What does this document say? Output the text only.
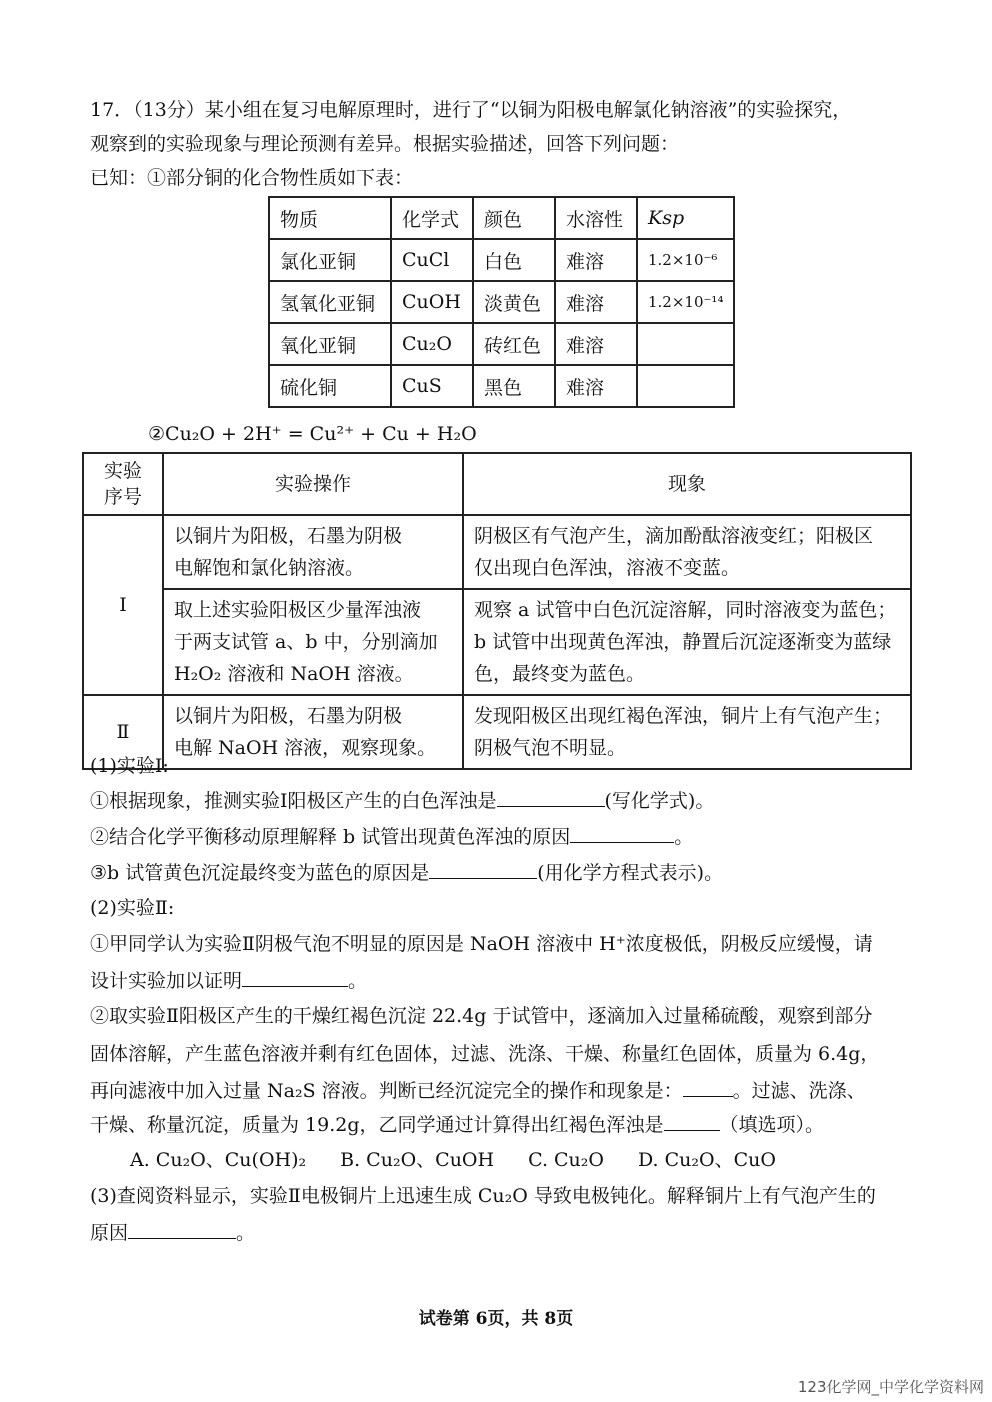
17．（13分）某小组在复习电解原理时，进行了“以铜为阳极电解氯化钠溶液”的实验探究，
观察到的实验现象与理论预测有差异。根据实验描述，回答下列问题：
已知：①部分铜的化合物性质如下表：
物质	化学式	颜色	水溶性	Ksp
氯化亚铜	CuCl	白色	难溶	1.2×10⁻⁶
氢氧化亚铜	CuOH	淡黄色	难溶	1.2×10⁻¹⁴
氧化亚铜	Cu₂O	砖红色	难溶	
硫化铜	CuS	黑色	难溶	
②Cu₂O + 2H⁺ = Cu²⁺ + Cu + H₂O
实验
序号	实验操作	现象
Ⅰ	以铜片为阳极，石墨为阴极
电解饱和氯化钠溶液。	阴极区有气泡产生，滴加酚酞溶液变红；阳极区
仅出现白色浑浊，溶液不变蓝。
	取上述实验阳极区少量浑浊液
于两支试管 a、b 中，分别滴加
H₂O₂ 溶液和 NaOH 溶液。	观察 a 试管中白色沉淀溶解，同时溶液变为蓝色；
b 试管中出现黄色浑浊，静置后沉淀逐渐变为蓝绿
色，最终变为蓝色。
Ⅱ	以铜片为阳极，石墨为阴极
电解 NaOH 溶液，观察现象。	发现阳极区出现红褐色浑浊，铜片上有气泡产生；
阴极气泡不明显。
(1)实验Ⅰ:
①根据现象，推测实验Ⅰ阳极区产生的白色浑浊是	(写化学式)。
②结合化学平衡移动原理解释 b 试管出现黄色浑浊的原因	。
③b 试管黄色沉淀最终变为蓝色的原因是	(用化学方程式表示)。
(2)实验Ⅱ:
①甲同学认为实验Ⅱ阴极气泡不明显的原因是 NaOH 溶液中 H⁺浓度极低，阴极反应缓慢，请
设计实验加以证明	。
②取实验Ⅱ阳极区产生的干燥红褐色沉淀 22.4g 于试管中，逐滴加入过量稀硫酸，观察到部分
固体溶解，产生蓝色溶液并剩有红色固体，过滤、洗涤、干燥、称量红色固体，质量为 6.4g，
再向滤液中加入过量 Na₂S 溶液。判断已经沉淀完全的操作和现象是：	。过滤、洗涤、
干燥、称量沉淀，质量为 19.2g，乙同学通过计算得出红褐色浑浊是	（填选项）。
A. Cu₂O、Cu(OH)₂ B. Cu₂O、CuOH C. Cu₂O D. Cu₂O、CuO
(3)查阅资料显示，实验Ⅱ电极铜片上迅速生成 Cu₂O 导致电极钝化。解释铜片上有气泡产生的
原因	。
试卷第 6页，共 8页
123化学网_中学化学资料网
